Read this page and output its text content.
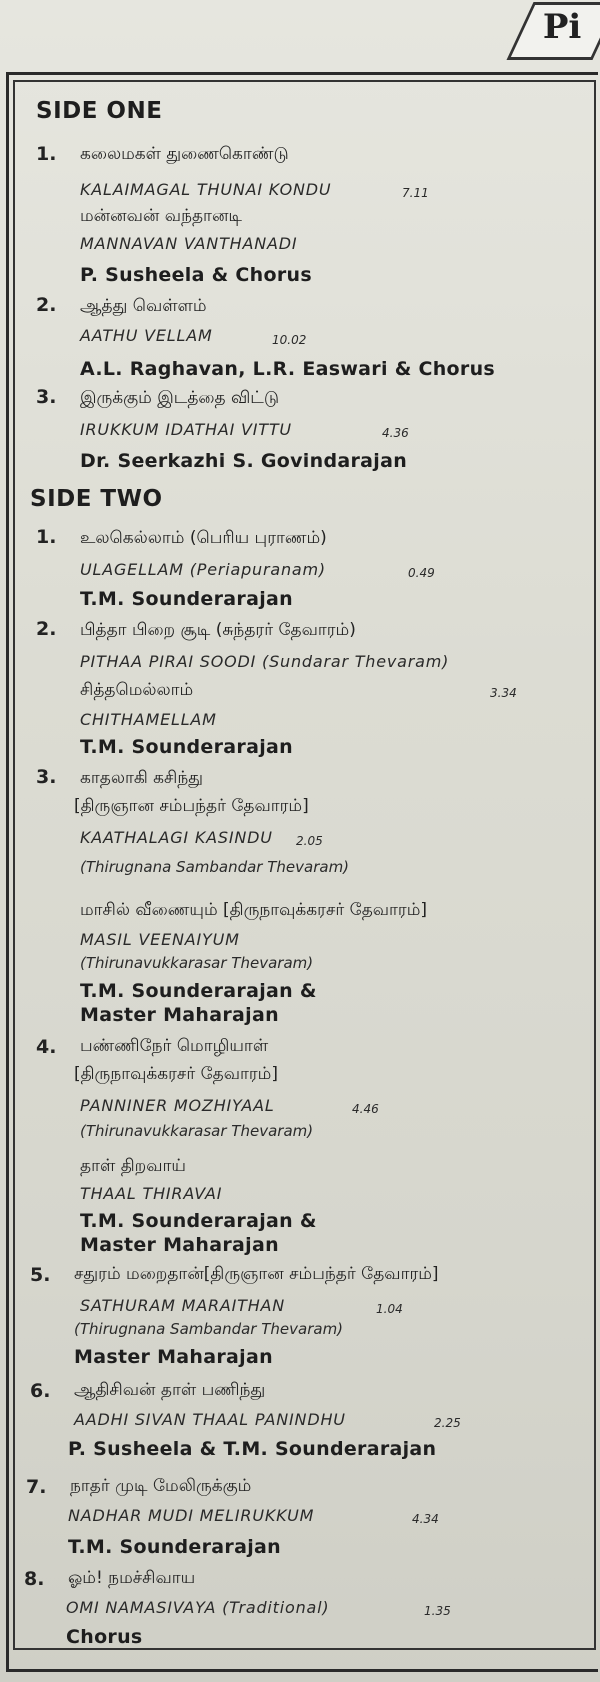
Pi
SIDE ONE
1. கலைமகள் துணைகொண்டு
KALAIMAGAL THUNAI KONDU	7.11
மன்னவன் வந்தானடி
MANNAVAN VANTHANADI
P. Susheela & Chorus
2. ஆத்து வெள்ளம்
AATHU VELLAM	10.02
A.L. Raghavan, L.R. Easwari & Chorus
3. இருக்கும் இடத்தை விட்டு
IRUKKUM IDATHAI VITTU	4.36
Dr. Seerkazhi S. Govindarajan
SIDE TWO
1. உலகெல்லாம் (பெரிய புராணம்)
ULAGELLAM (Periapuranam)	0.49
T.M. Sounderarajan
2. பித்தா பிறை சூடி (சுந்தரர் தேவாரம்)
PITHAA PIRAI SOODI (Sundarar Thevaram)
சித்தமெல்லாம்	3.34
CHITHAMELLAM
T.M. Sounderarajan
3. காதலாகி கசிந்து
[திருஞான சம்பந்தர் தேவாரம்]
KAATHALAGI KASINDU 2.05
(Thirugnana Sambandar Thevaram)
மாசில் வீணையும் [திருநாவுக்கரசர் தேவாரம்]
MASIL VEENAIYUM
(Thirunavukkarasar Thevaram)
T.M. Sounderarajan &
Master Maharajan
4. பண்ணிநேர் மொழியாள்
[திருநாவுக்கரசர் தேவாரம்]
PANNINER MOZHIYAAL	4.46
(Thirunavukkarasar Thevaram)
தாள் திறவாய்
THAAL THIRAVAI
T.M. Sounderarajan &
Master Maharajan
5. சதுரம் மறைதான்[திருஞான சம்பந்தர் தேவாரம்]
SATHURAM MARAITHAN	1.04
(Thirugnana Sambandar Thevaram)
Master Maharajan
6. ஆதிசிவன் தாள் பணிந்து
AADHI SIVAN THAAL PANINDHU	2.25
P. Susheela & T.M. Sounderarajan
7. நாதர் முடி மேலிருக்கும்
NADHAR MUDI MELIRUKKUM	4.34
T.M. Sounderarajan
8. ஓம்! நமச்சிவாய
OMI NAMASIVAYA (Traditional)	1.35
Chorus
